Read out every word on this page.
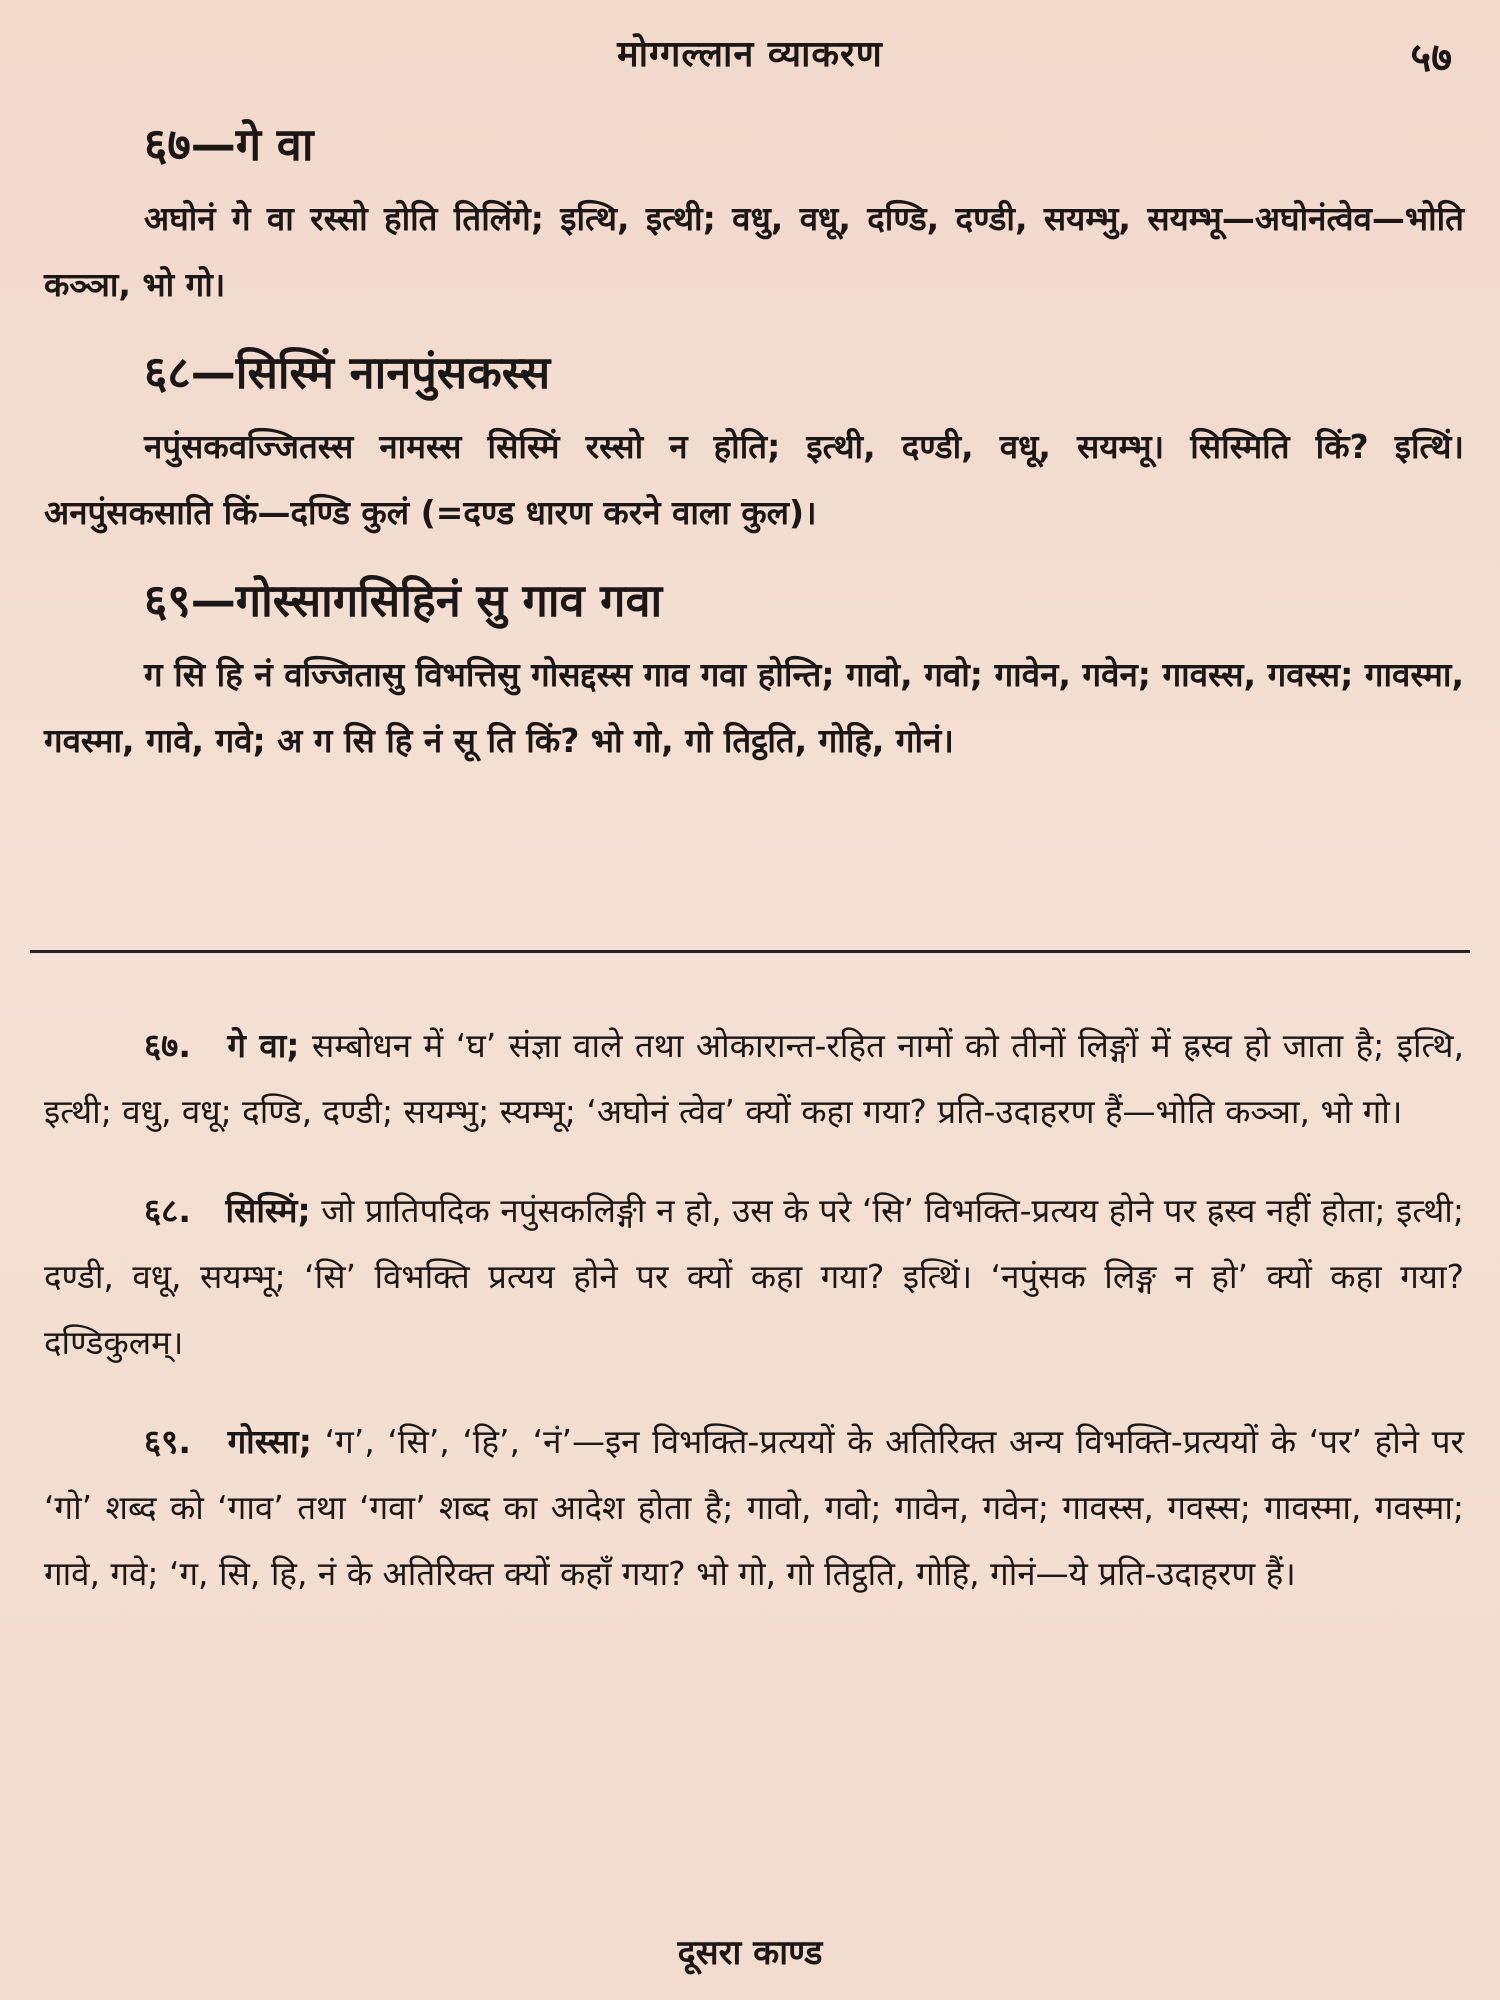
मोग्गल्लान व्याकरण	५७
६७—गे वा
अघोनं गे वा रस्सो होति तिलिंगे; इत्थि, इत्थी; वधु, वधू, दण्डि, दण्डी, सयम्भु, सयम्भू—अघोनंत्वेव—भोति कञ्ञा, भो गो।
६८—सिस्मिं नानपुंसकस्स
नपुंसकवज्जितस्स नामस्स सिस्मिं रस्सो न होति; इत्थी, दण्डी, वधू, सयम्भू। सिस्मिति किं? इत्थिं। अनपुंसकसाति किं—दण्डि कुलं (=दण्ड धारण करने वाला कुल)।
६९—गोस्सागसिहिनं सु गाव गवा
ग सि हि नं वज्जितासु विभत्तिसु गोसद्दस्स गाव गवा होन्ति; गावो, गवो; गावेन, गवेन; गावस्स, गवस्स; गावस्मा, गवस्मा, गावे, गवे; अ ग सि हि नं सू ति किं? भो गो, गो तिट्ठति, गोहि, गोनं।

६७. गे वा; सम्बोधन में ‘घ’ संज्ञा वाले तथा ओकारान्त-रहित नामों को तीनों लिङ्गों में ह्रस्व हो जाता है; इत्थि, इत्थी; वधु, वधू; दण्डि, दण्डी; सयम्भु; स्यम्भू; ‘अघोनं त्वेव’ क्यों कहा गया? प्रति-उदाहरण हैं—भोति कञ्ञा, भो गो।

६८. सिस्मिं; जो प्रातिपदिक नपुंसकलिङ्गी न हो, उस के परे ‘सि’ विभक्ति-प्रत्यय होने पर ह्रस्व नहीं होता; इत्थी; दण्डी, वधू, सयम्भू; ‘सि’ विभक्ति प्रत्यय होने पर क्यों कहा गया? इत्थिं। ‘नपुंसक लिङ्ग न हो’ क्यों कहा गया? दण्डिकुलम्।

६९. गोस्सा; ‘ग’, ‘सि’, ‘हि’, ‘नं’—इन विभक्ति-प्रत्ययों के अतिरिक्त अन्य विभक्ति-प्रत्ययों के ‘पर’ होने पर ‘गो’ शब्द को ‘गाव’ तथा ‘गवा’ शब्द का आदेश होता है; गावो, गवो; गावेन, गवेन; गावस्स, गवस्स; गावस्मा, गवस्मा; गावे, गवे; ‘ग, सि, हि, नं के अतिरिक्त क्यों कहाँ गया? भो गो, गो तिट्ठति, गोहि, गोनं—ये प्रति-उदाहरण हैं।

दूसरा काण्ड
